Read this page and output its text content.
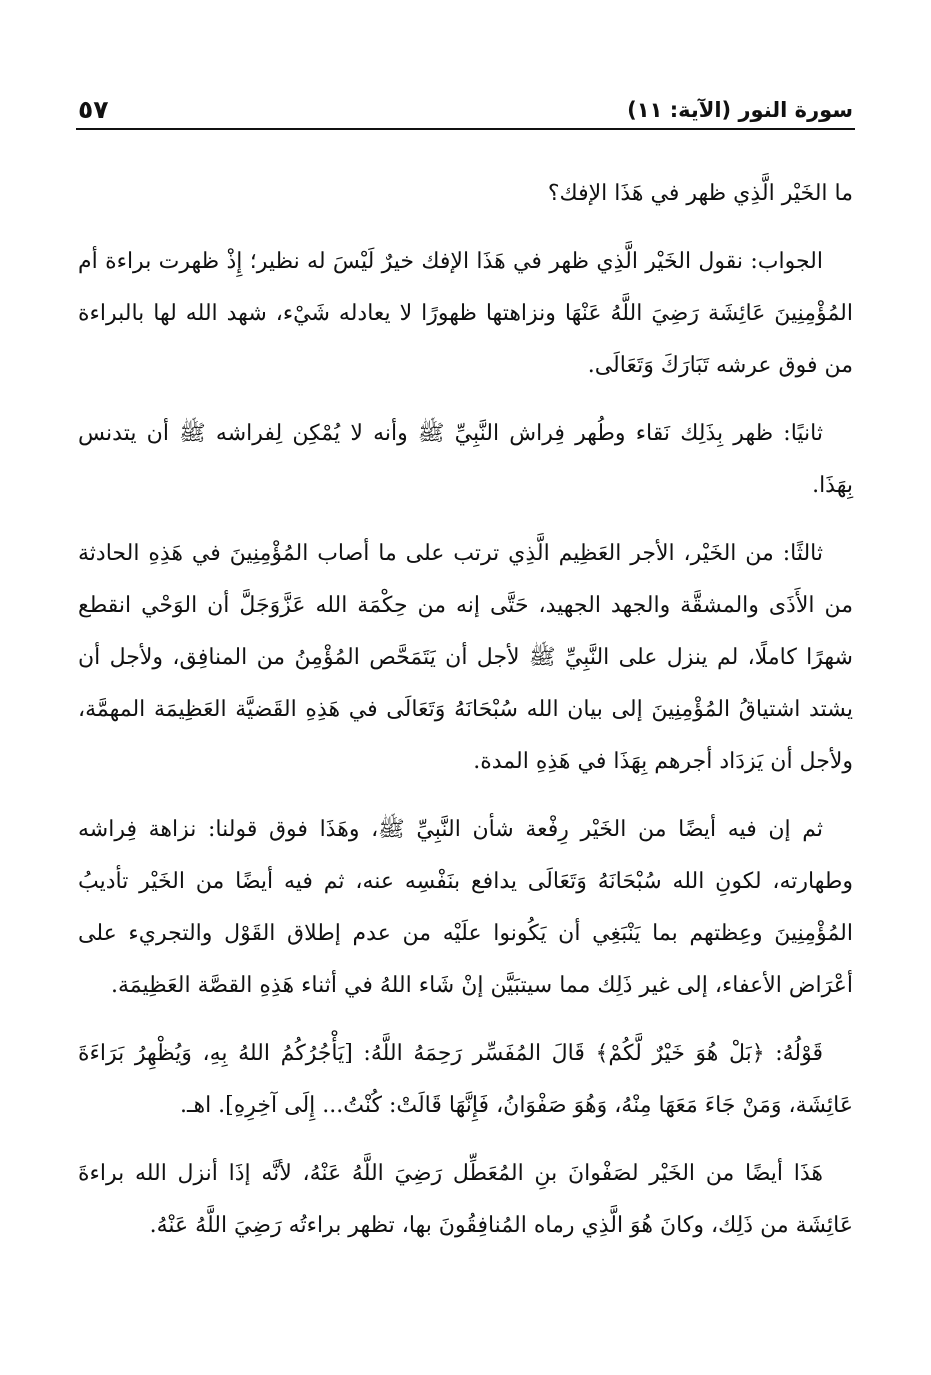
سورة النور (الآية: ١١)
٥٧

ما الخَيْر الَّذِي ظهر في هَذَا الإفك؟

الجواب: نقول الخَيْر الَّذِي ظهر في هَذَا الإفك خيرٌ لَيْسَ له نظير؛ إِذْ ظهرت براءة أم المُؤْمِنِينَ عَائِشَة رَضِيَ اللَّهُ عَنْهَا ونزاهتها ظهورًا لا يعادله شَيْء، شهد الله لها بالبراءة من فوق عرشه تَبَارَكَ وَتَعَالَى.

ثانيًا: ظهر بِذَلِك نَقاء وطُهر فِراش النَّبِيِّ ﷺ وأنه لا يُمْكِن لِفراشه ﷺ أن يتدنس بِهَذَا.

ثالثًا: من الخَيْر، الأجر العَظِيم الَّذِي ترتب على ما أصاب المُؤْمِنِينَ في هَذِهِ الحادثة من الأَذَى والمشقَّة والجهد الجهيد، حَتَّى إنه من حِكْمَة الله عَزَّوَجَلَّ أن الوَحْي انقطع شهرًا كاملًا، لم ينزل على النَّبِيِّ ﷺ لأجل أن يَتَمَحَّص المُؤْمِنُ من المنافِق، ولأجل أن يشتد اشتياقُ المُؤْمِنِينَ إلى بيان الله سُبْحَانَهُ وَتَعَالَى في هَذِهِ القَضيَّة العَظِيمَة المهمَّة، ولأجل أن يَزدَاد أجرهم بِهَذَا في هَذِهِ المدة.

ثم إن فيه أيضًا من الخَيْر رِفْعة شأن النَّبِيِّ ﷺ، وهَذَا فوق قولنا: نزاهة فِراشه وطهارته، لكونِ الله سُبْحَانَهُ وَتَعَالَى يدافع بنَفْسِه عنه، ثم فيه أيضًا من الخَيْر تأديبُ المُؤْمِنِينَ وعِظتهم بما يَنْبَغِي أن يَكُونوا علَيْه من عدم إطلاق القَوْل والتجريء على أعْرَاض الأعفاء، إلى غير ذَلِك مما سيتبَيَّن إنْ شَاء اللهُ في أثناء هَذِهِ القصَّة العَظِيمَة.

قَوْلُهُ: ﴿بَلْ هُوَ خَيْرٌ لَّكُمْ﴾ قَالَ المُفَسِّر رَحِمَهُ اللَّهُ: [يَأْجُرُكُمُ اللهُ بِهِ، وَيُظْهِرُ بَرَاءَةَ عَائِشَة، وَمَنْ جَاءَ مَعَهَا مِنْهُ، وَهُوَ صَفْوَانُ، فَإِنَّهَا قَالَتْ: كُنْتُ... إِلَى آخِرِهِ]. اهـ.

هَذَا أيضًا من الخَيْر لصَفْوانَ بنِ المُعَطِّل رَضِيَ اللَّهُ عَنْهُ، لأنَّه إذَا أنزل الله براءةَ عَائِشَة من ذَلِك، وكانَ هُوَ الَّذِي رماه المُنافِقُونَ بها، تظهر براءتُه رَضِيَ اللَّهُ عَنْهُ.
